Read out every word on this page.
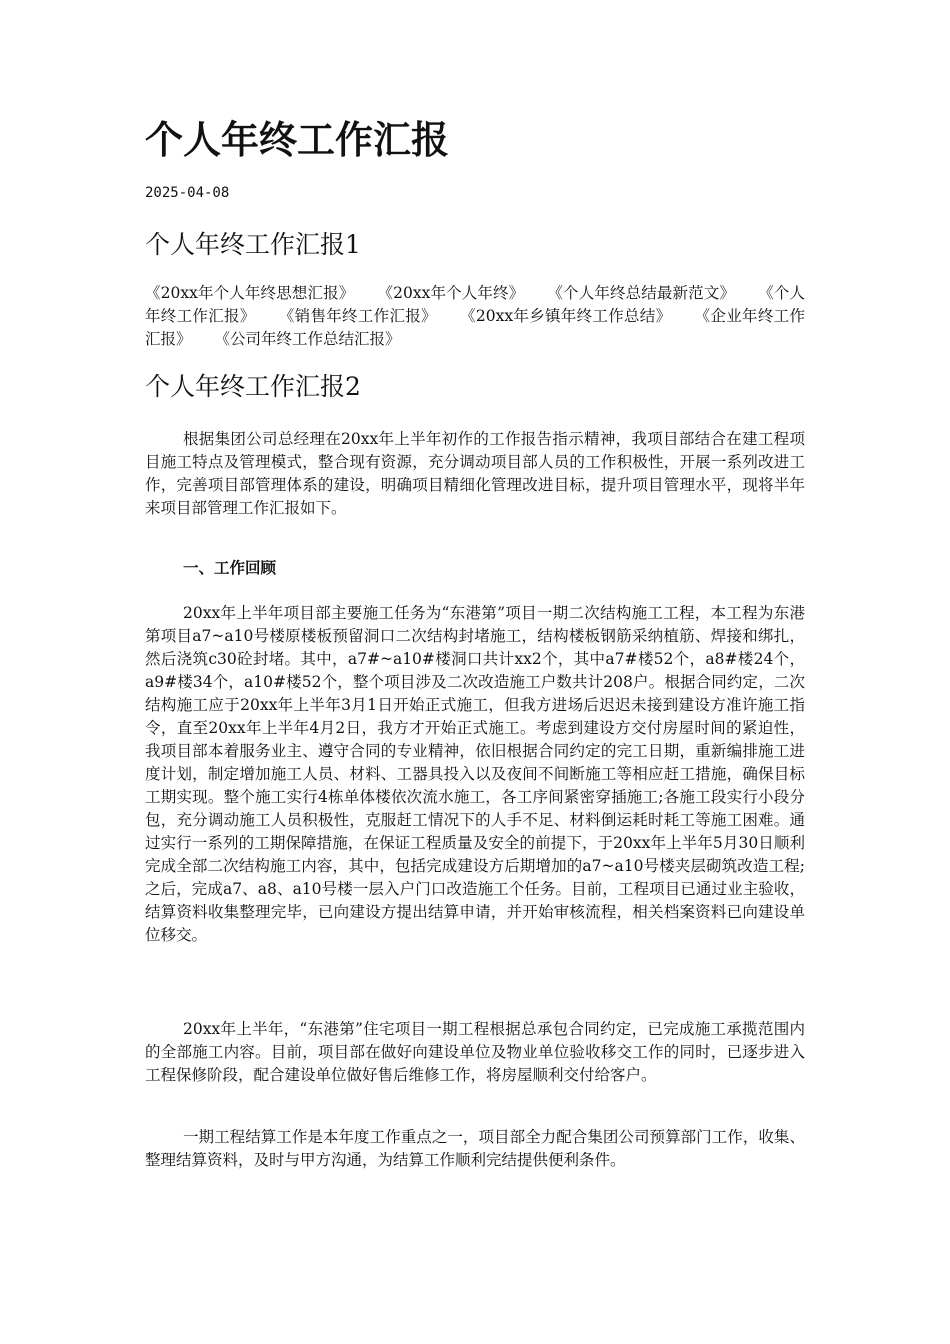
个人年终工作汇报
2025-04-08
个人年终工作汇报1
《20xx年个人年终思想汇报》 《20xx年个人年终》 《个人年终总结最新范文》 《个人年终工作汇报》 《销售年终工作汇报》 《20xx年乡镇年终工作总结》 《企业年终工作汇报》 《公司年终工作总结汇报》
个人年终工作汇报2

根据集团公司总经理在20xx年上半年初作的工作报告指示精神，我项目部结合在建工程项目施工特点及管理模式，整合现有资源，充分调动项目部人员的工作积极性，开展一系列改进工作，完善项目部管理体系的建设，明确项目精细化管理改进目标，提升项目管理水平，现将半年来项目部管理工作汇报如下。

一、工作回顾

20xx年上半年项目部主要施工任务为“东港第”项目一期二次结构施工工程，本工程为东港第项目a7~a10号楼原楼板预留洞口二次结构封堵施工，结构楼板钢筋采纳植筋、焊接和绑扎，然后浇筑c30砼封堵。其中，a7#~a10#楼洞口共计xx2个，其中a7#楼52个，a8#楼24个，a9#楼34个，a10#楼52个，整个项目涉及二次改造施工户数共计208户。根据合同约定，二次结构施工应于20xx年上半年3月1日开始正式施工，但我方进场后迟迟未接到建设方准许施工指令，直至20xx年上半年4月2日，我方才开始正式施工。考虑到建设方交付房屋时间的紧迫性，我项目部本着服务业主、遵守合同的专业精神，依旧根据合同约定的完工日期，重新编排施工进度计划，制定增加施工人员、材料、工器具投入以及夜间不间断施工等相应赶工措施，确保目标工期实现。整个施工实行4栋单体楼依次流水施工，各工序间紧密穿插施工;各施工段实行小段分包，充分调动施工人员积极性，克服赶工情况下的人手不足、材料倒运耗时耗工等施工困难。通过实行一系列的工期保障措施，在保证工程质量及安全的前提下，于20xx年上半年5月30日顺利完成全部二次结构施工内容，其中，包括完成建设方后期增加的a7~a10号楼夹层砌筑改造工程;之后，完成a7、a8、a10号楼一层入户门口改造施工个任务。目前，工程项目已通过业主验收，结算资料收集整理完毕，已向建设方提出结算申请，并开始审核流程，相关档案资料已向建设单位移交。

20xx年上半年，“东港第”住宅项目一期工程根据总承包合同约定，已完成施工承揽范围内的全部施工内容。目前，项目部在做好向建设单位及物业单位验收移交工作的同时，已逐步进入工程保修阶段，配合建设单位做好售后维修工作，将房屋顺利交付给客户。

一期工程结算工作是本年度工作重点之一，项目部全力配合集团公司预算部门工作，收集、整理结算资料，及时与甲方沟通，为结算工作顺利完结提供便利条件。
